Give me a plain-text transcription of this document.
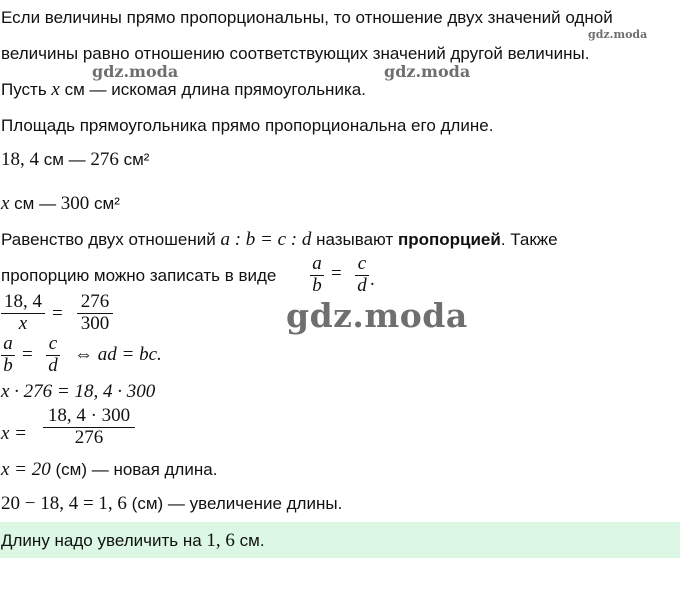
Если величины прямо пропорциональны, то отношение двух значений одной
gdz.moda
величины равно отношению соответствующих значений другой величины.
gdz.moda	gdz.moda
Пусть x см — искомая длина прямоугольника.
Площадь прямоугольника прямо пропорциональна его длине.
18, 4 см — 276 см²
x см — 300 см²
Равенство двух отношений a : b = c : d называют пропорцией. Также
пропорцию можно записать в виде
a
b
= c
d .
18, 4
x	=
276
300	gdz.moda
a
b
=
c
d
⇔ ad = bc.
x · 276 = 18, 4 · 300
x =
18, 4 · 300
276
x = 20 (см) — новая длина.
20 − 18, 4 = 1, 6 (см) — увеличение длины.
Длину надо увеличить на 1, 6 см.
